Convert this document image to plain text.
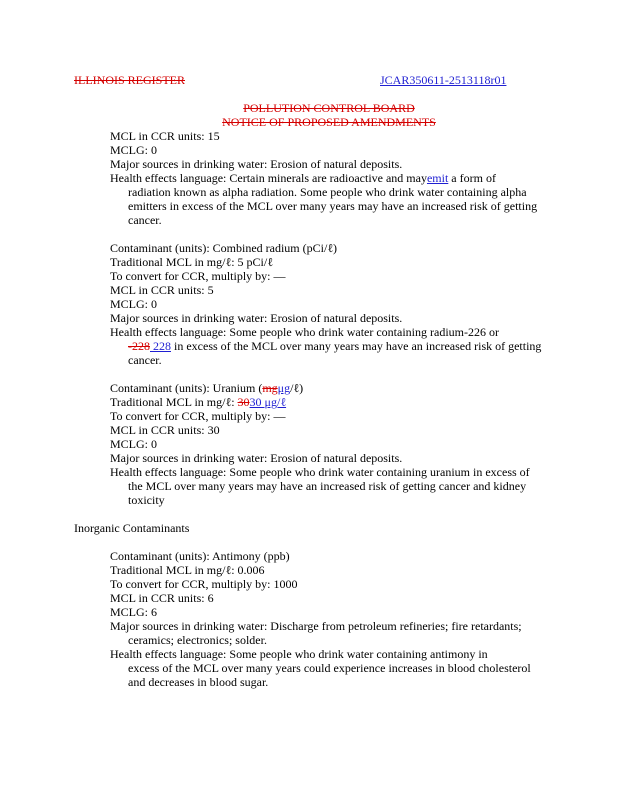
ILLINOIS REGISTER	JCAR350611-2513118r01
POLLUTION CONTROL BOARD
NOTICE OF PROPOSED AMENDMENTS

MCL in CCR units: 15

MCLG: 0

Major sources in drinking water: Erosion of natural deposits.

Health effects language: Certain minerals are radioactive and mayemit a form of

radiation known as alpha radiation. Some people who drink water containing alpha

emitters in excess of the MCL over many years may have an increased risk of getting

cancer.

Contaminant (units): Combined radium (pCi/ℓ)

Traditional MCL in mg/ℓ: 5 pCi/ℓ

To convert for CCR, multiply by: —

MCL in CCR units: 5

MCLG: 0

Major sources in drinking water: Erosion of natural deposits.

Health effects language: Some people who drink water containing radium-226 or

-228 228 in excess of the MCL over many years may have an increased risk of getting

cancer.

Contaminant (units): Uranium (mgμg/ℓ)

Traditional MCL in mg/ℓ: 3030 μg/ℓ

To convert for CCR, multiply by: —

MCL in CCR units: 30

MCLG: 0

Major sources in drinking water: Erosion of natural deposits.

Health effects language: Some people who drink water containing uranium in excess of

the MCL over many years may have an increased risk of getting cancer and kidney

toxicity

Inorganic Contaminants

Contaminant (units): Antimony (ppb)

Traditional MCL in mg/ℓ: 0.006

To convert for CCR, multiply by: 1000

MCL in CCR units: 6

MCLG: 6

Major sources in drinking water: Discharge from petroleum refineries; fire retardants;

ceramics; electronics; solder.

Health effects language: Some people who drink water containing antimony in

excess of the MCL over many years could experience increases in blood cholesterol

and decreases in blood sugar.
